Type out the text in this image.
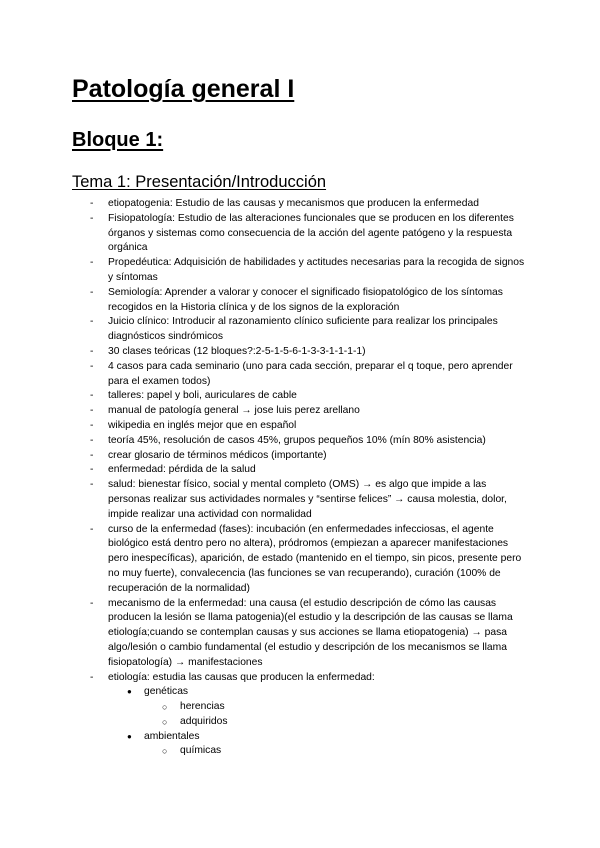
Patología general I
Bloque 1:
Tema 1: Presentación/Introducción
- etiopatogenia: Estudio de las causas y mecanismos que producen la enfermedad
- Fisiopatología: Estudio de las alteraciones funcionales que se producen en los diferentes órganos y sistemas como consecuencia de la acción del agente patógeno y la respuesta orgánica
- Propedéutica: Adquisición de habilidades y actitudes necesarias para la recogida de signos y síntomas
- Semiología: Aprender a valorar y conocer el significado fisiopatológico de los síntomas recogidos en la Historia clínica y de los signos de la exploración
- Juicio clínico: Introducir al razonamiento clínico suficiente para realizar los principales diagnósticos sindrómicos
- 30 clases teóricas (12 bloques?:2-5-1-5-6-1-3-3-1-1-1-1)
- 4 casos para cada seminario (uno para cada sección, preparar el q toque, pero aprender para el examen todos)
- talleres: papel y boli, auriculares de cable
- manual de patología general → jose luis perez arellano
- wikipedia en inglés mejor que en español
- teoría 45%, resolución de casos 45%, grupos pequeños 10% (mín 80% asistencia)
- crear glosario de términos médicos (importante)
- enfermedad: pérdida de la salud
- salud: bienestar físico, social y mental completo (OMS) → es algo que impide a las personas realizar sus actividades normales y “sentirse felices” → causa molestia, dolor, impide realizar una actividad con normalidad
- curso de la enfermedad (fases): incubación (en enfermedades infecciosas, el agente biológico está dentro pero no altera), pródromos (empiezan a aparecer manifestaciones pero inespecíficas), aparición, de estado (mantenido en el tiempo, sin picos, presente pero no muy fuerte), convalecencia (las funciones se van recuperando), curación (100% de recuperación de la normalidad)
- mecanismo de la enfermedad: una causa (el estudio descripción de cómo las causas producen la lesión se llama patogenia)(el estudio y la descripción de las causas se llama etiología;cuando se contemplan causas y sus acciones se llama etiopatogenia) → pasa algo/lesión o cambio fundamental (el estudio y descripción de los mecanismos se llama fisiopatología) → manifestaciones
- etiología: estudia las causas que producen la enfermedad:
● genéticas
○ herencias
○ adquiridos
● ambientales
○ químicas
